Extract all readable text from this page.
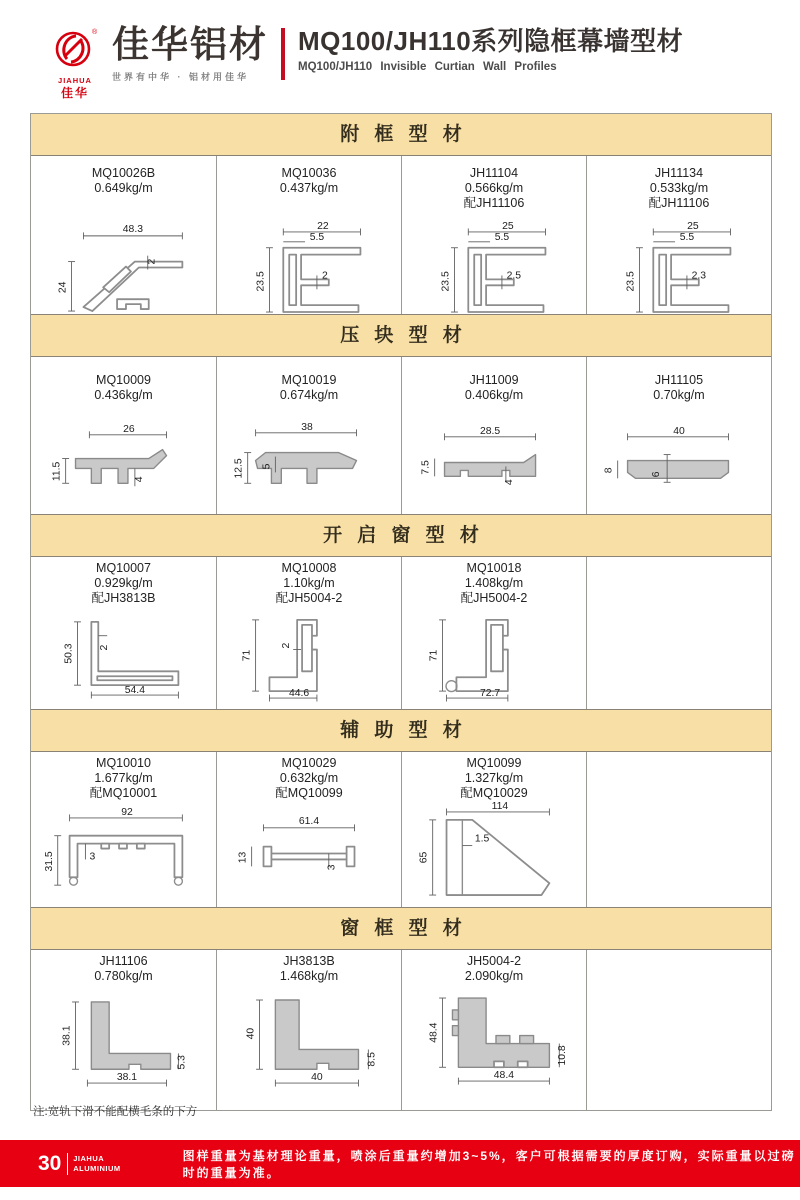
®
JIAHUA
佳华
佳华铝材
世界有中华 · 铝材用佳华
MQ100/JH110系列隐框幕墙型材
MQ100/JH110 Invisible Curtian Wall Profiles
附框型材
MQ10026B
0.649kg/m
48.3
24
2
MQ10036
0.437kg/m
22
5.5
23.5	2
JH11104
0.566kg/m
配JH11106
25
5.5
23.5	2.5
JH11134
0.533kg/m
配JH11106
25
5.5
23.5	2.3
压块型材
MQ10009
0.436kg/m
26
11.5	4
MQ10019
0.674kg/m
38
12.5 5
JH11009
0.406kg/m
28.5
7.5
4
JH11105
0.70kg/m
40
8
6
开启窗型材
MQ10007
0.929kg/m
配JH3813B
50.3 2
54.4
MQ10008
1.10kg/m
配JH5004-2
71
2
44.6
MQ10018
1.408kg/m
配JH5004-2
71
72.7
辅助型材
MQ10010
1.677kg/m
配MQ10001
92
31.5	3
MQ10029
0.632kg/m
配MQ10099
61.4
13
3
MQ10099
1.327kg/m
配MQ10029
114
65
1.5
窗框型材
JH11106
0.780kg/m
38.1
38.1
5.3
JH3813B
1.468kg/m
40
40
8.5
JH5004-2
2.090kg/m
48.4
48.4
10.8
注:宽轨下滑不能配横毛条的下方
30 JIAHUA
ALUMINIUM
图样重量为基材理论重量，喷涂后重量约增加3~5%，客户可根据需要的厚度订购，实际重量以过磅时的重量为准。
